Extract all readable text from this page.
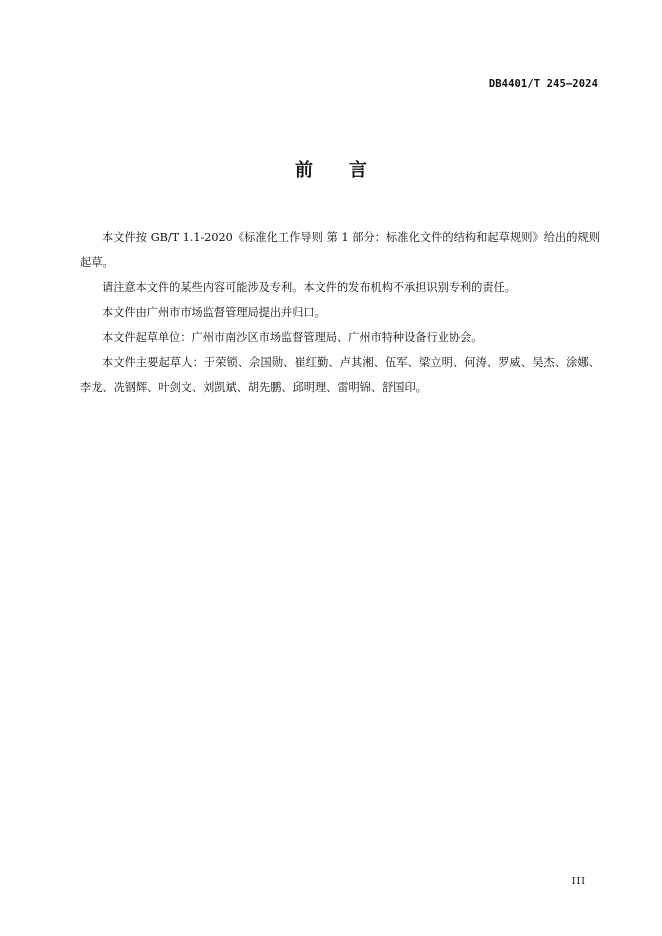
DB4401/T 245—2024
前言

本文件按 GB/T 1.1-2020《标准化工作导则 第 1 部分：标准化文件的结构和起草规则》给出的规则起草。

请注意本文件的某些内容可能涉及专利。本文件的发布机构不承担识别专利的责任。

本文件由广州市市场监督管理局提出并归口。

本文件起草单位：广州市南沙区市场监督管理局、广州市特种设备行业协会。

本文件主要起草人：于荣锁、佘国勋、崔红勤、卢其湘、伍军、梁立明、何涛、罗威、吴杰、涂娜、李龙、冼钢辉、叶剑文、刘凯斌、胡先鹏、邱明理、雷明锦、舒国印。

III
